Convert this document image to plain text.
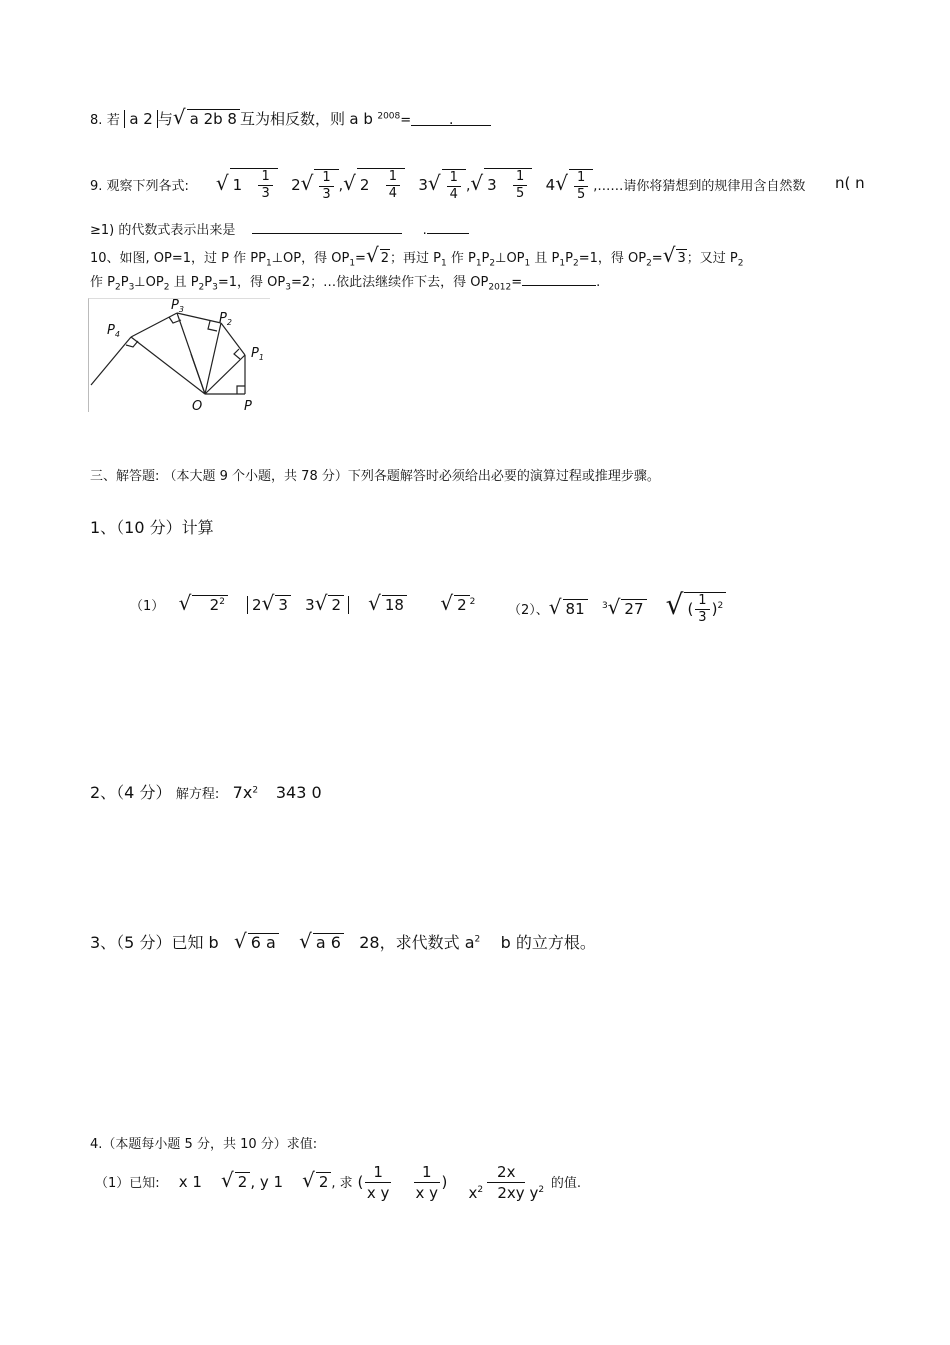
8. 若 a 2 与√ a 2b 8 互为相反数，则 a b $^{2008}$=	.
9. 观察下列各式: √ $1 \frac{1}{3} 2√ \frac{1}{3}$ ,√ $2 \frac{1}{4} 3√ \frac{1}{4}$ ,√ $3 \frac{1}{5} 4√ \frac{1}{5}$ ,……请你将猜想到的规律用含自然数 n( n
≥1) 的代数式表示出来是	.
10、如图, OP=1，过 P 作 $PP_1\perp OP$，得 $OP_1=√$ 2；再过 $P_1$ 作 $P_1P_2\perp OP_1$ 且 $P_1P_2=1$，得 $OP_2=√$ 3；又过 $P_2$
作 $P_2P_3\perp OP_2$ 且 $P_2P_3=1$，得 $OP_3=2$；…依此法继续作下去，得 $OP_{2012}=$	.
$P_4$
$P_3$
$P_2$
$P_1$
O	P
三、解答题: （本大题 9 个小题，共 78 分）下列各题解答时必须给出必要的演算过程或推理步骤。
1、（10 分）计算
（1） √ $2^2$ 2√ 3 3√ 2 √ 18 √ 2 $^2$
（2）、√ 81 $^3$√ 27 √ ( $\frac{1}{3} )^2$
2、（4 分） 解方程: $7x^2$ 343 0
3、（5 分）已知 b √ 6 a √ a 6 28，求代数式 $a^2$ b 的立方根。
4.（本题每小题 5 分，共 10 分）求值:
（1）已知: x 1 √ 2 , y 1 √ 2 , 求 ( $\frac{1}{\text{x y}}$
$\frac{1}{\text{x y}}$ ) $\frac{2x}{x^2 2xy y^2}$ 的值.
